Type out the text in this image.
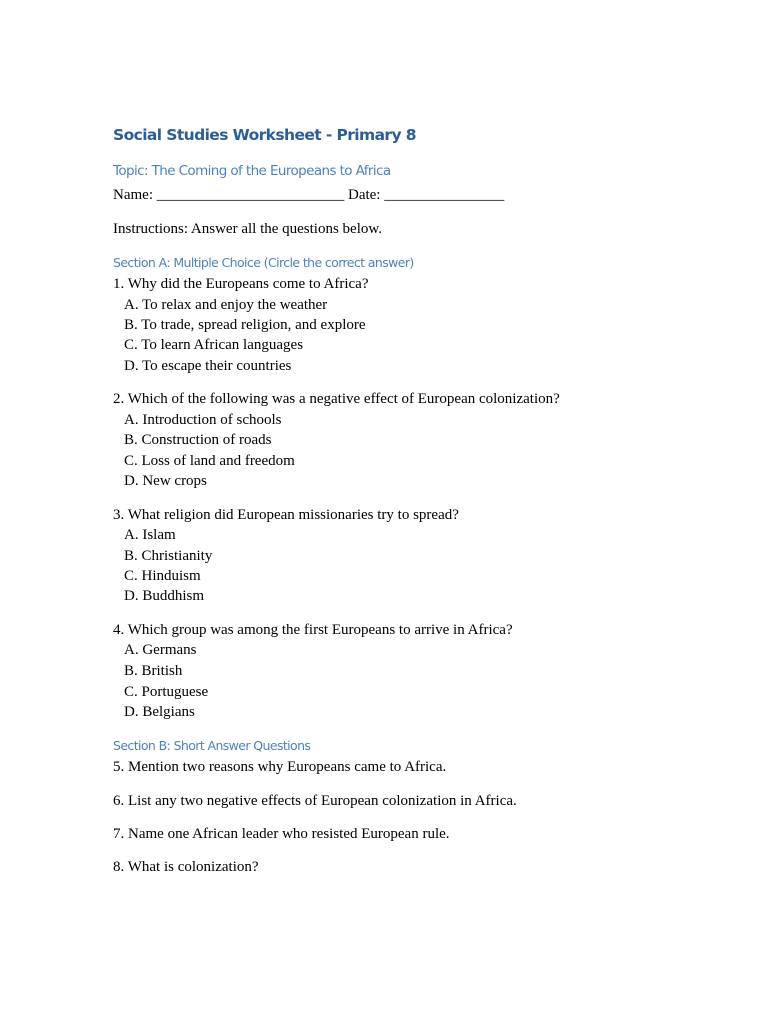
Social Studies Worksheet - Primary 8
Topic: The Coming of the Europeans to Africa
Name: _________________________ Date: ________________
Instructions: Answer all the questions below.
Section A: Multiple Choice (Circle the correct answer)
1. Why did the Europeans come to Africa?
A. To relax and enjoy the weather
B. To trade, spread religion, and explore
C. To learn African languages
D. To escape their countries
2. Which of the following was a negative effect of European colonization?
A. Introduction of schools
B. Construction of roads
C. Loss of land and freedom
D. New crops
3. What religion did European missionaries try to spread?
A. Islam
B. Christianity
C. Hinduism
D. Buddhism
4. Which group was among the first Europeans to arrive in Africa?
A. Germans
B. British
C. Portuguese
D. Belgians
Section B: Short Answer Questions
5. Mention two reasons why Europeans came to Africa.
6. List any two negative effects of European colonization in Africa.
7. Name one African leader who resisted European rule.
8. What is colonization?
